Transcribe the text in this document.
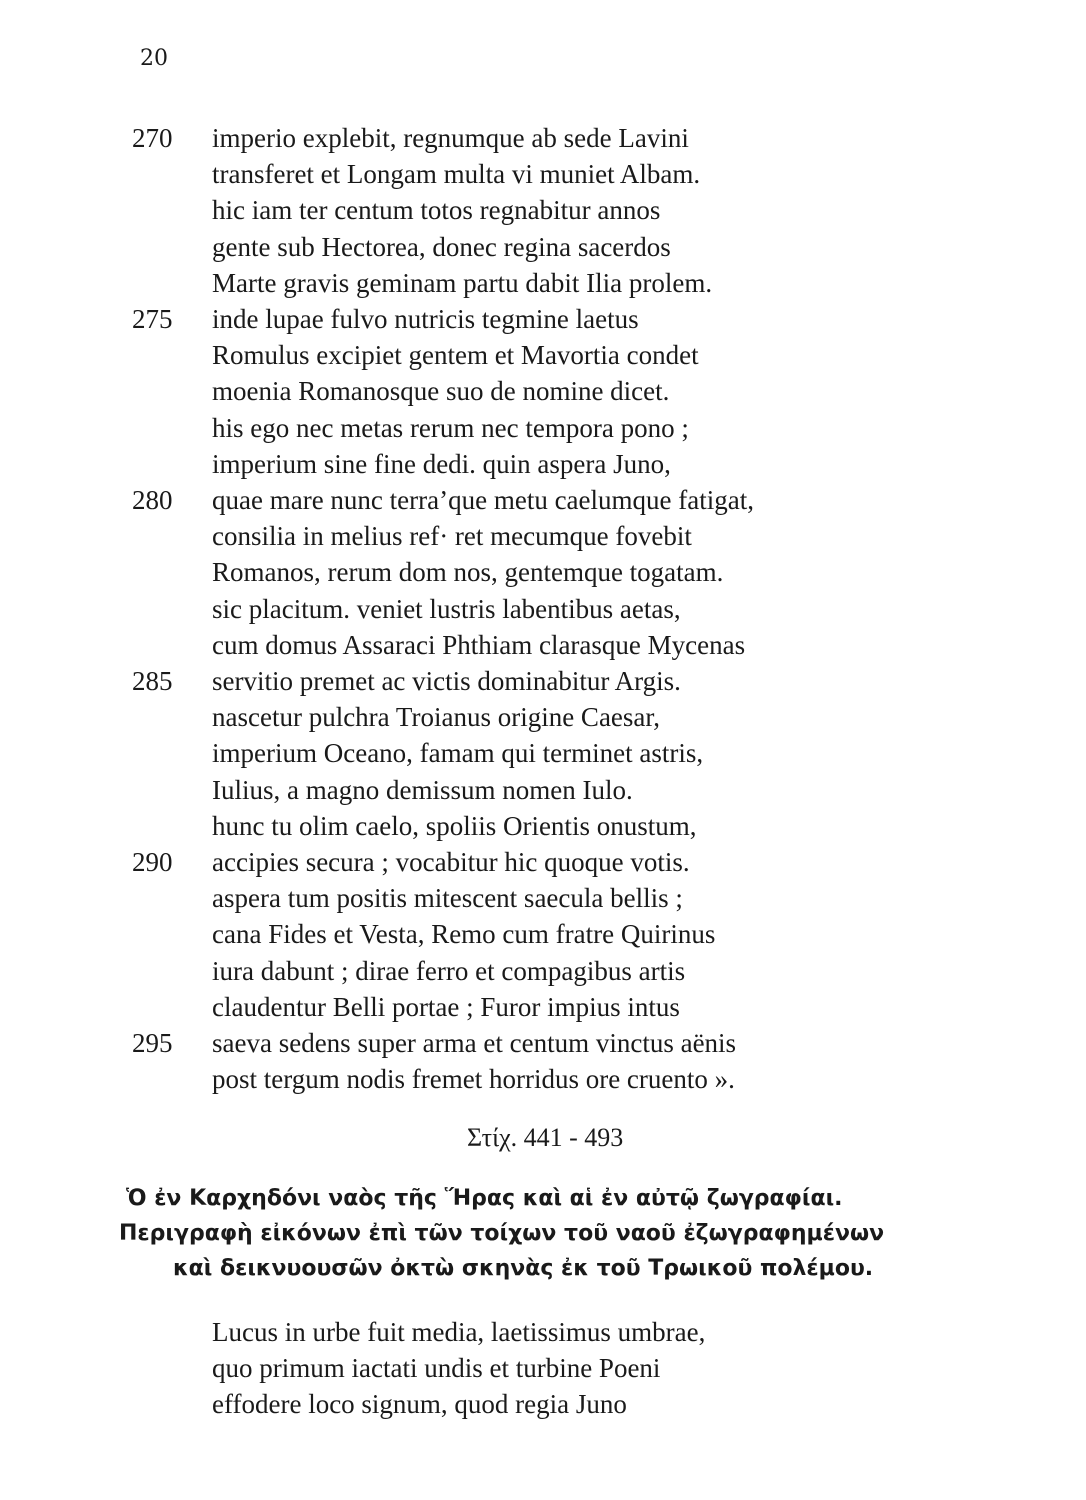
20
270 imperio explebit, regnumque ab sede Lavini
transferet et Longam multa vi muniet Albam.
hic iam ter centum totos regnabitur annos
gente sub Hectorea, donec regina sacerdos
Marte gravis geminam partu dabit Ilia prolem.
275 inde lupae fulvo nutricis tegmine laetus
Romulus excipiet gentem et Mavortia condet
moenia Romanosque suo de nomine dicet.
his ego nec metas rerum nec tempora pono ;
imperium sine fine dedi. quin aspera Juno,
280 quae mare nunc terra’que metu caelumque fatigat,
consilia in melius ref· ret mecumque fovebit
Romanos, rerum dom nos, gentemque togatam.
sic placitum. veniet lustris labentibus aetas,
cum domus Assaraci Phthiam clarasque Mycenas
285 servitio premet ac victis dominabitur Argis.
nascetur pulchra Troianus origine Caesar,
imperium Oceano, famam qui terminet astris,
Iulius, a magno demissum nomen Iulo.
hunc tu olim caelo, spoliis Orientis onustum,
290 accipies secura ; vocabitur hic quoque votis.
aspera tum positis mitescent saecula bellis ;
cana Fides et Vesta, Remo cum fratre Quirinus
iura dabunt ; dirae ferro et compagibus artis
claudentur Belli portae ; Furor impius intus
295 saeva sedens super arma et centum vinctus aënis
post tergum nodis fremet horridus ore cruento ».
Στίχ. 441 - 493
Ὁ ἐν Καρχηδόνι ναὸς τῆς Ἥρας καὶ αἱ ἐν αὐτῷ ζωγραφίαι.
Περιγραφὴ εἰκόνων ἐπὶ τῶν τοίχων τοῦ ναοῦ ἐζωγραφημένων
καὶ δεικνυουσῶν ὀκτὼ σκηνὰς ἐκ τοῦ Τρωικοῦ πολέμου.
Lucus in urbe fuit media, laetissimus umbrae,
quo primum iactati undis et turbine Poeni
effodere loco signum, quod regia Juno
